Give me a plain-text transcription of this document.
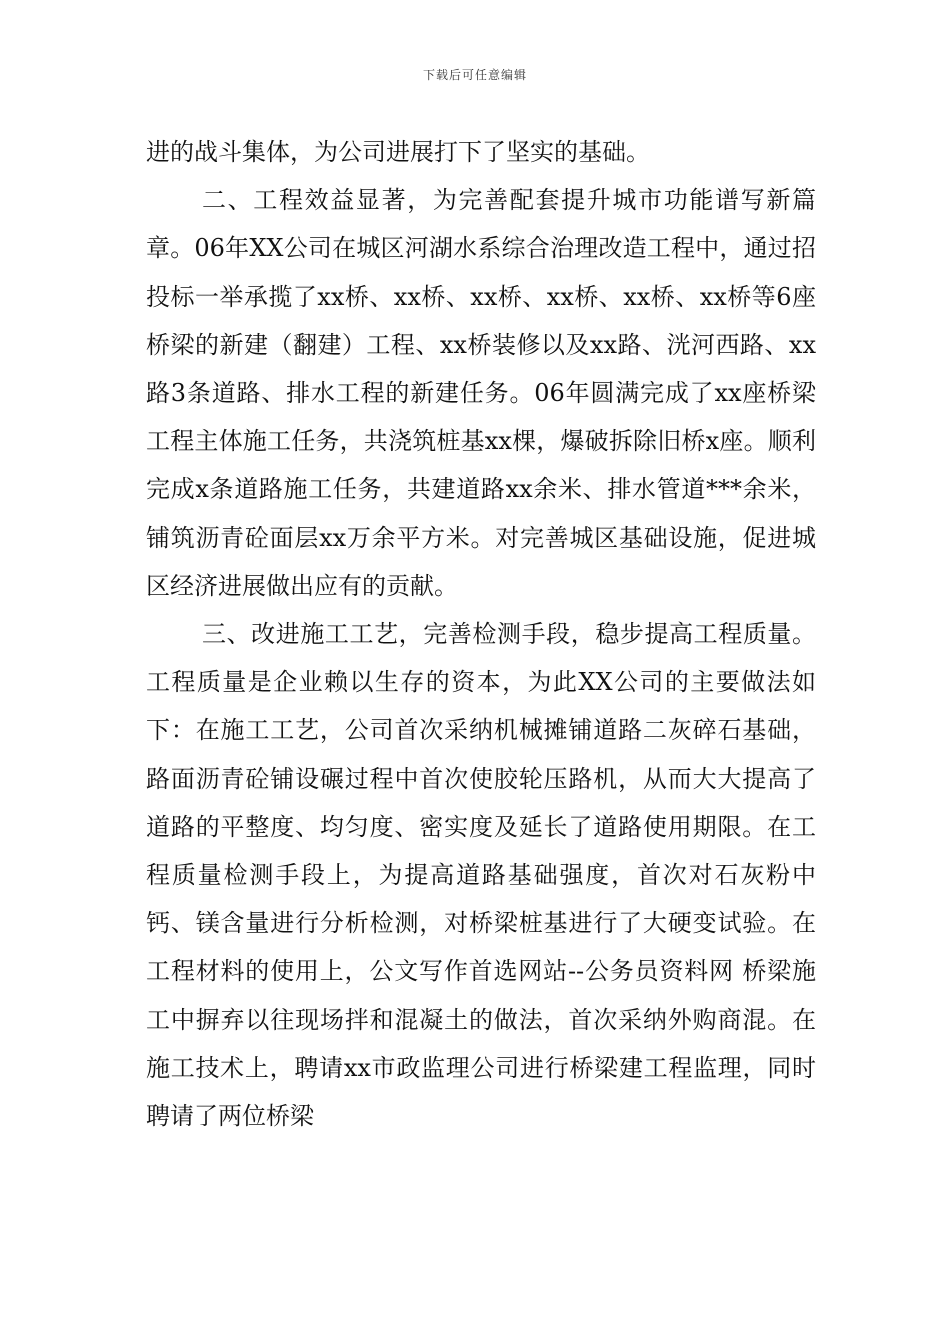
下载后可任意编辑

进的战斗集体，为公司进展打下了坚实的基础。

二、工程效益显著，为完善配套提升城市功能谱写新篇章。06年XX公司在城区河湖水系综合治理改造工程中，通过招投标一举承揽了xx桥、xx桥、xx桥、xx桥、xx桥、xx桥等6座桥梁的新建（翻建）工程、xx桥装修以及xx路、洸河西路、xx路3条道路、排水工程的新建任务。06年圆满完成了xx座桥梁工程主体施工任务，共浇筑桩基xx棵，爆破拆除旧桥x座。顺利完成x条道路施工任务，共建道路xx余米、排水管道***余米，铺筑沥青砼面层xx万余平方米。对完善城区基础设施，促进城区经济进展做出应有的贡献。

三、改进施工工艺，完善检测手段，稳步提高工程质量。工程质量是企业赖以生存的资本，为此XX公司的主要做法如下：在施工工艺，公司首次采纳机械摊铺道路二灰碎石基础，路面沥青砼铺设碾过程中首次使胶轮压路机，从而大大提高了道路的平整度、均匀度、密实度及延长了道路使用期限。在工程质量检测手段上，为提高道路基础强度，首次对石灰粉中钙、镁含量进行分析检测，对桥梁桩基进行了大硬变试验。在工程材料的使用上，公文写作首选网站--公务员资料网 桥梁施工中摒弃以往现场拌和混凝土的做法，首次采纳外购商混。在施工技术上，聘请xx市政监理公司进行桥梁建工程监理，同时聘请了两位桥梁
